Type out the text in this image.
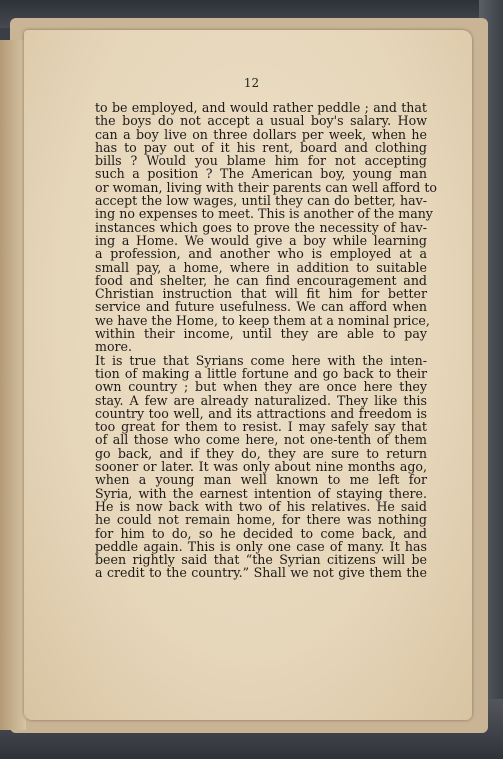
12
to be employed, and would rather peddle ; and that
the boys do not accept a usual boy's salary. How
can a boy live on three dollars per week, when he
has to pay out of it his rent, board and clothing
bills ? Would you blame him for not accepting
such a position ? The American boy, young man
or woman, living with their parents can well afford to
accept the low wages, until they can do better, hav-
ing no expenses to meet. This is another of the many
instances which goes to prove the necessity of hav-
ing a Home. We would give a boy while learning
a profession, and another who is employed at a
small pay, a home, where in addition to suitable
food and shelter, he can find encouragement and
Christian instruction that will fit him for better
service and future usefulness. We can afford when
we have the Home, to keep them at a nominal price,
within their income, until they are able to pay
more.
It is true that Syrians come here with the inten-
tion of making a little fortune and go back to their
own country ; but when they are once here they
stay. A few are already naturalized. They like this
country too well, and its attractions and freedom is
too great for them to resist. I may safely say that
of all those who come here, not one-tenth of them
go back, and if they do, they are sure to return
sooner or later. It was only about nine months ago,
when a young man well known to me left for
Syria, with the earnest intention of staying there.
He is now back with two of his relatives. He said
he could not remain home, for there was nothing
for him to do, so he decided to come back, and
peddle again. This is only one case of many. It has
been rightly said that “the Syrian citizens will be
a credit to the country.” Shall we not give them the
